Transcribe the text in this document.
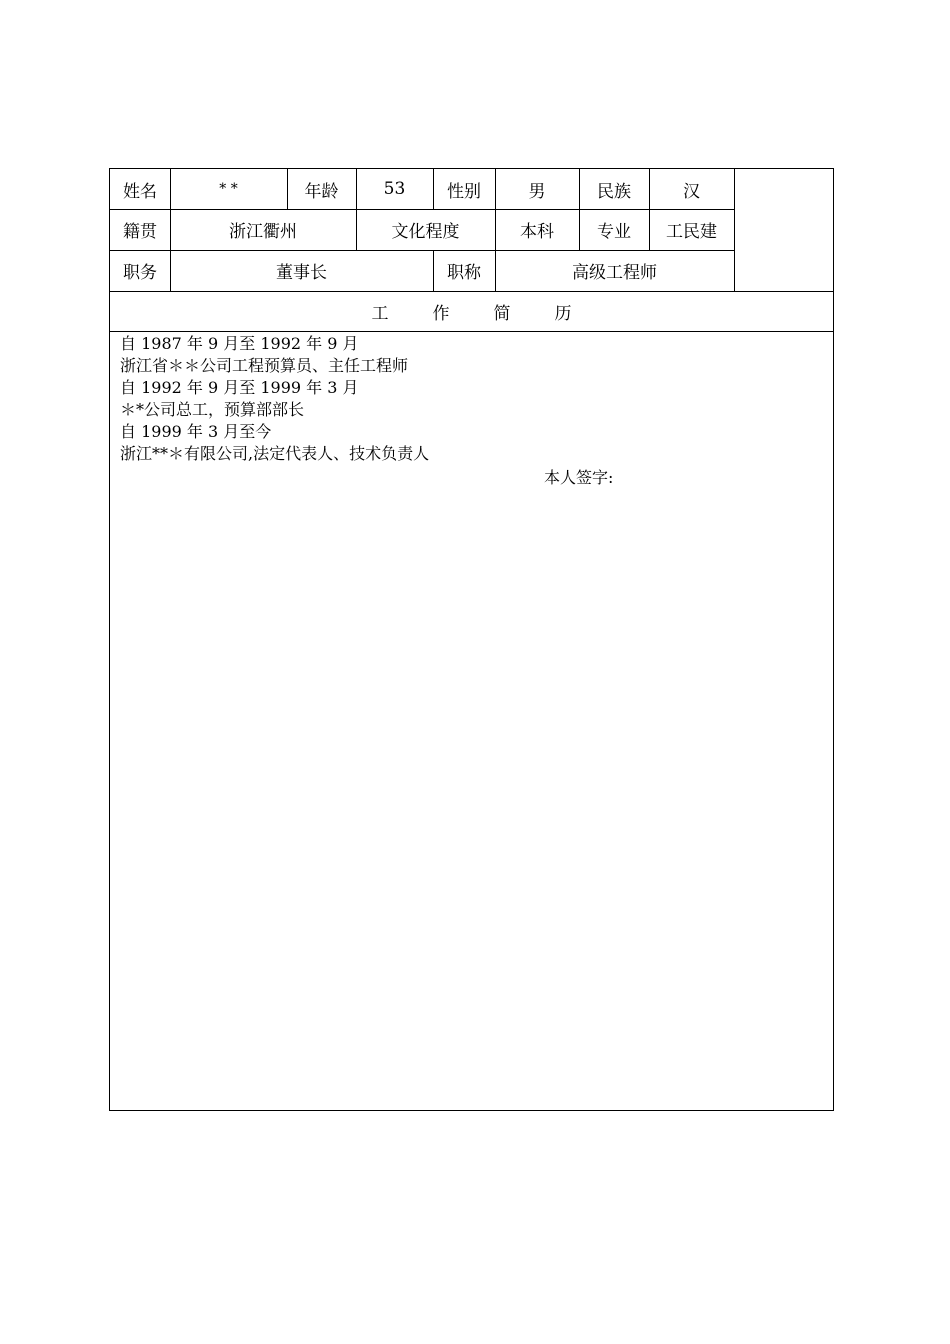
姓名	* *	年龄	53	性别	男	民族	汉
籍贯	浙江衢州	文化程度	本科	专业	工民建
职务	董事长	职称	高级工程师
工	作	简	历
自 1987 年 9 月至 1992 年 9 月
浙江省＊＊公司工程预算员、主任工程师
自 1992 年 9 月至 1999 年 3 月
＊*公司总工，预算部部长
自 1999 年 3 月至今
浙江**＊有限公司,法定代表人、技术负责人
本人签字:
